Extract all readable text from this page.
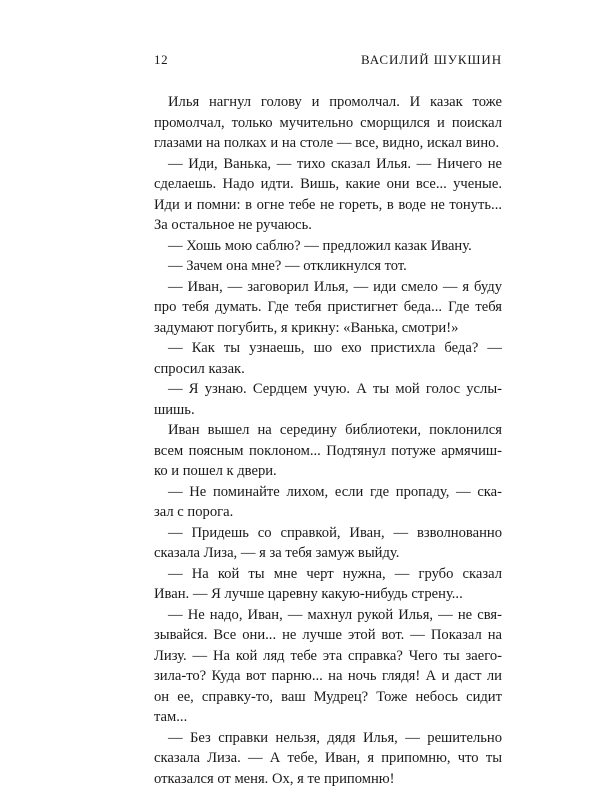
12	ВАСИЛИЙ ШУКШИН
Илья нагнул голову и промолчал. И казак тоже
промолчал, только мучительно сморщился и поискал
глазами на полках и на столе — все, видно, искал вино.
— Иди, Ванька, — тихо сказал Илья. — Ничего не
сделаешь. Надо идти. Вишь, какие они все... ученые.
Иди и помни: в огне тебе не гореть, в воде не тонуть...
За остальное не ручаюсь.
— Хошь мою саблю? — предложил казак Ивану.
— Зачем она мне? — откликнулся тот.
— Иван, — заговорил Илья, — иди смело — я буду
про тебя думать. Где тебя пристигнет беда... Где тебя
задумают погубить, я крикну: «Ванька, смотри!»
— Как ты узнаешь, шо ехо пристихла беда? —
спросил казак.
— Я узнаю. Сердцем учую. А ты мой голос услы-
шишь.
Иван вышел на середину библиотеки, поклонился
всем поясным поклоном... Подтянул потуже армячиш-
ко и пошел к двери.
— Не поминайте лихом, если где пропаду, — ска-
зал с порога.
— Придешь со справкой, Иван, — взволнованно
сказала Лиза, — я за тебя замуж выйду.
— На кой ты мне черт нужна, — грубо сказал
Иван. — Я лучше царевну какую-нибудь стрену...
— Не надо, Иван, — махнул рукой Илья, — не свя-
зывайся. Все они... не лучше этой вот. — Показал на
Лизу. — На кой ляд тебе эта справка? Чего ты заего-
зила-то? Куда вот парню... на ночь глядя! А и даст ли
он ее, справку-то, ваш Мудрец? Тоже небось сидит
там...
— Без справки нельзя, дядя Илья, — решительно
сказала Лиза. — А тебе, Иван, я припомню, что ты
отказался от меня. Ох, я те припомню!
